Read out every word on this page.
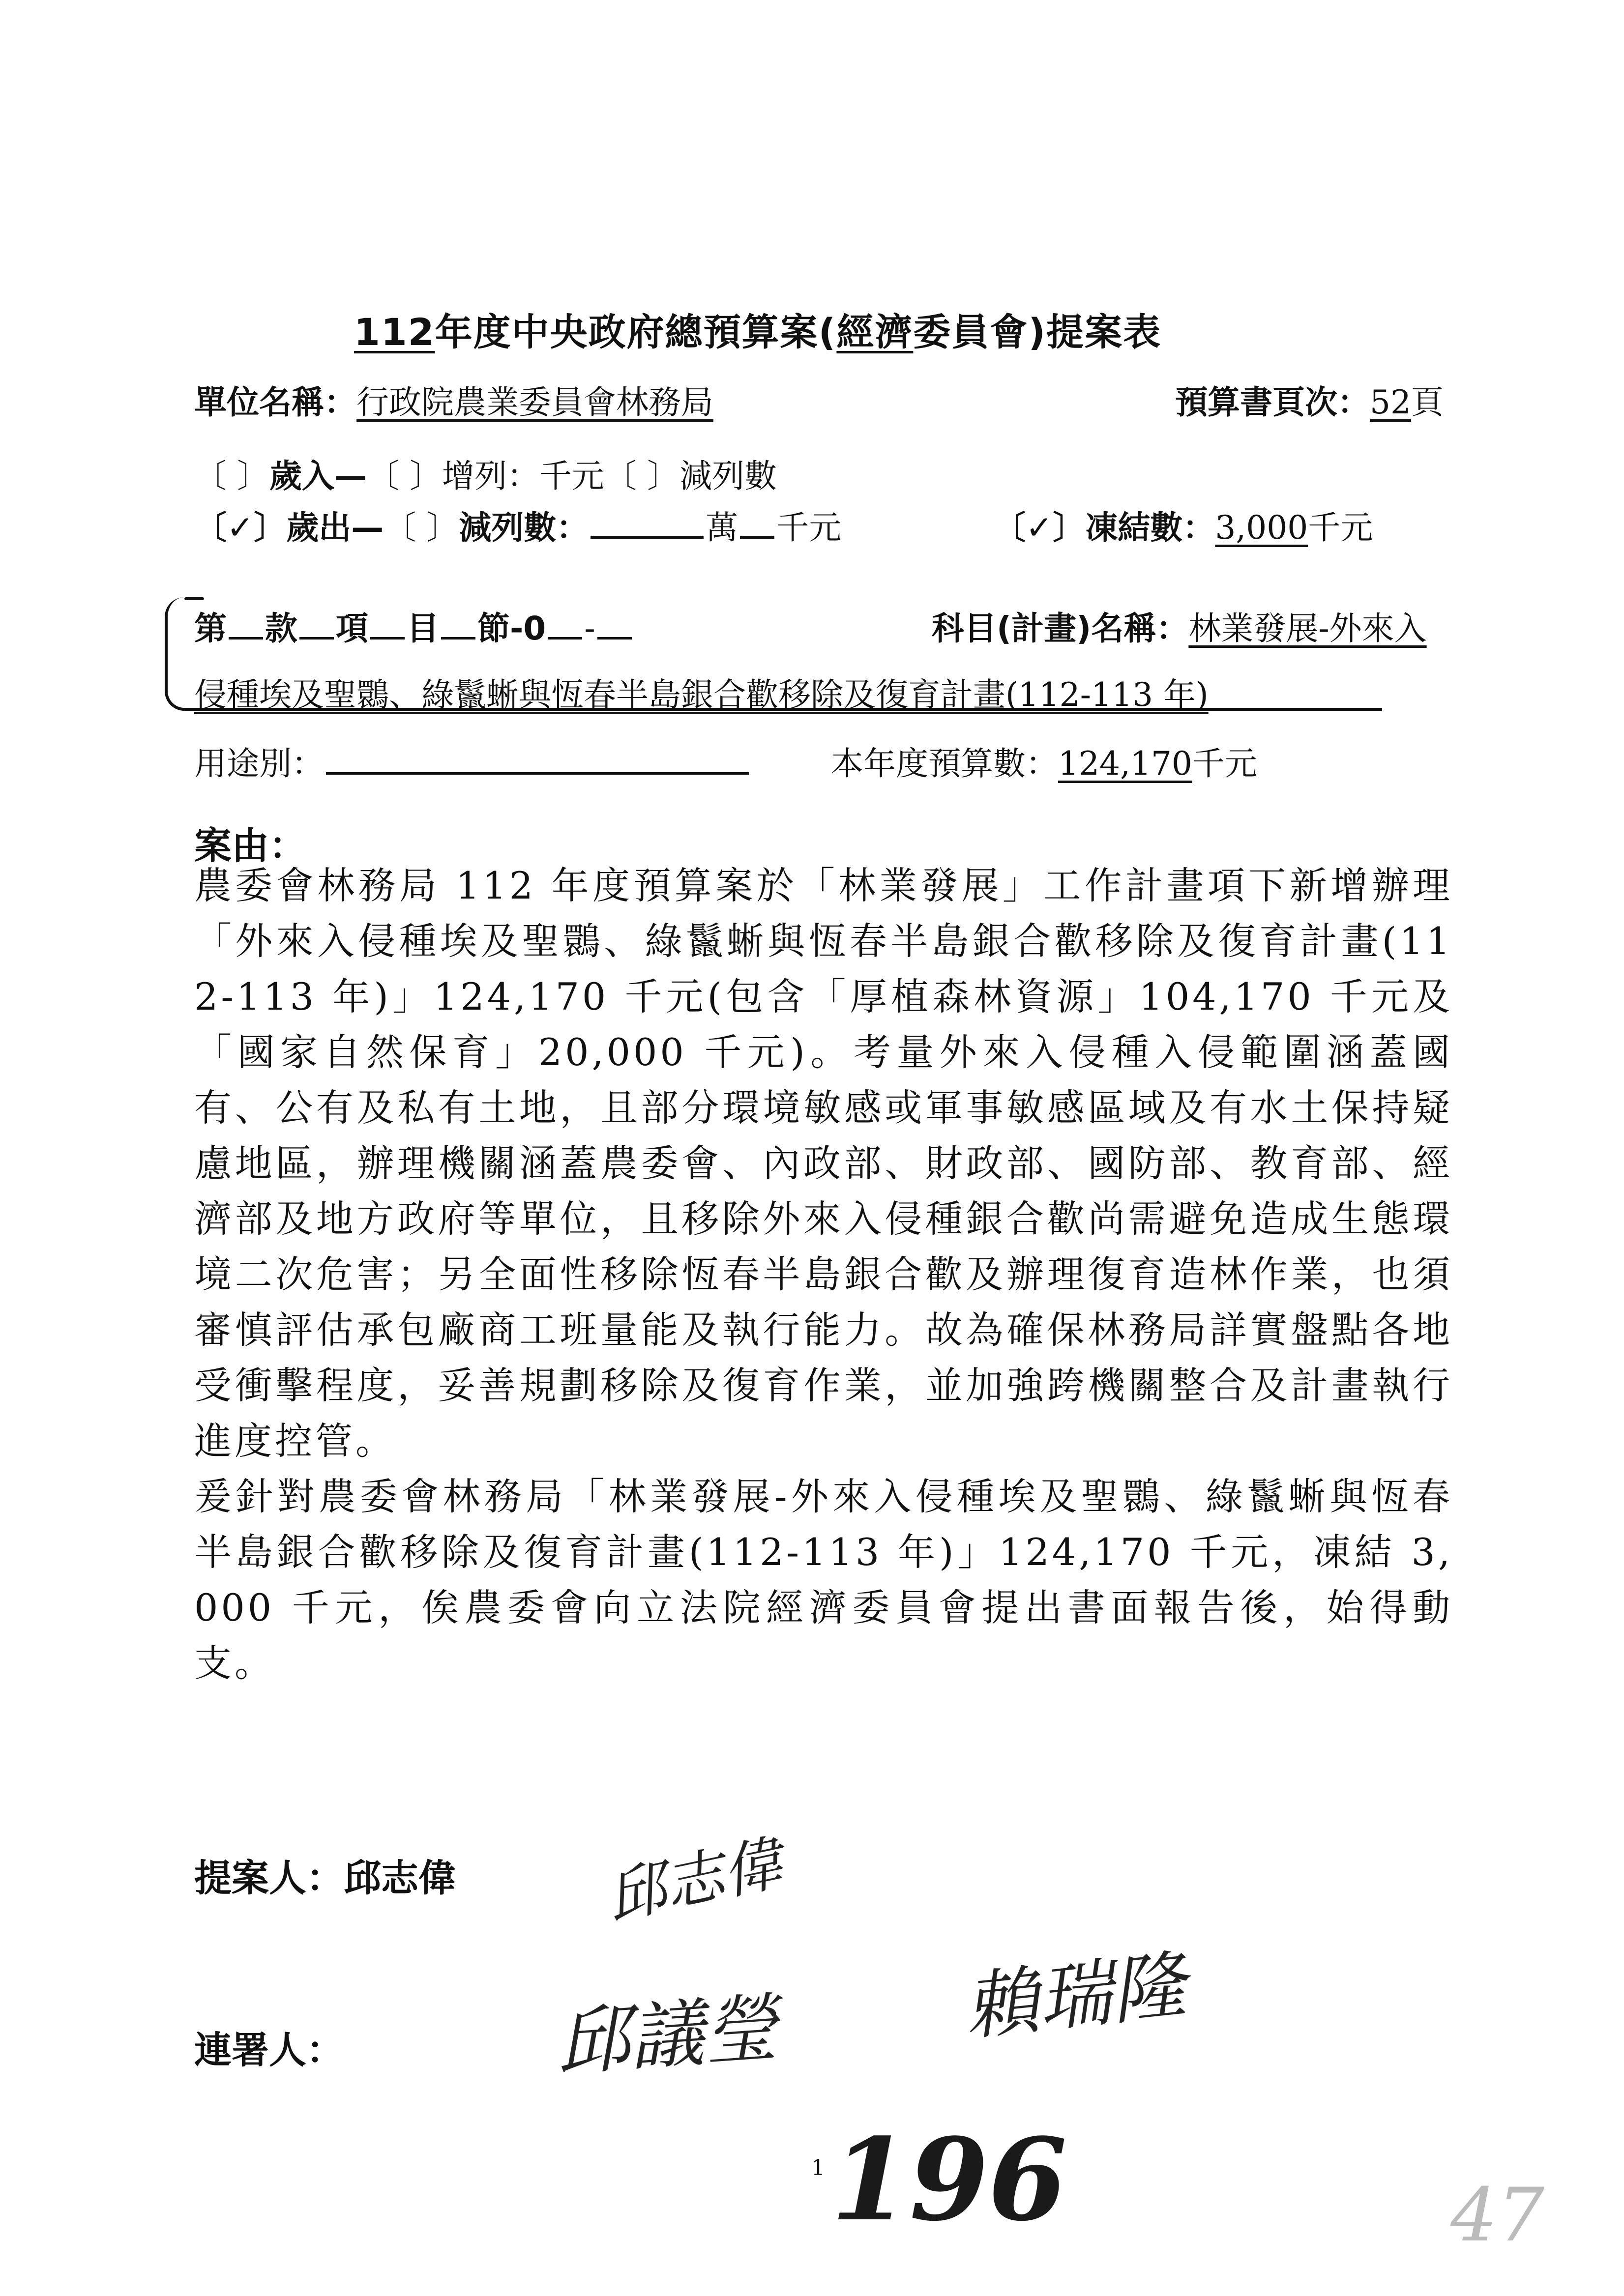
112年度中央政府總預算案(經濟委員會)提案表
單位名稱：行政院農業委員會林務局	預算書頁次：52頁
〔 〕歲入—〔 〕增列：千元〔 〕減列數
〔✓〕歲出—〔 〕減列數：	萬 千元	〔✓〕凍結數：3,000千元
第 款 項 目 節-0 -	科目(計畫)名稱：林業發展-外來入
侵種埃及聖䴉、綠鬣蜥與恆春半島銀合歡移除及復育計畫(112-113 年)
用途別：	本年度預算數：124,170千元
案由：

農委會林務局 112 年度預算案於「林業發展」工作計畫項下新增辦理「外來入侵種埃及聖䴉、綠鬣蜥與恆春半島銀合歡移除及復育計畫(112-113 年)」124,170 千元(包含「厚植森林資源」104,170 千元及「國家自然保育」20,000 千元)。考量外來入侵種入侵範圍涵蓋國有、公有及私有土地，且部分環境敏感或軍事敏感區域及有水土保持疑慮地區，辦理機關涵蓋農委會、內政部、財政部、國防部、教育部、經濟部及地方政府等單位，且移除外來入侵種銀合歡尚需避免造成生態環境二次危害；另全面性移除恆春半島銀合歡及辦理復育造林作業，也須審慎評估承包廠商工班量能及執行能力。故為確保林務局詳實盤點各地受衝擊程度，妥善規劃移除及復育作業，並加強跨機關整合及計畫執行進度控管。

爰針對農委會林務局「林業發展-外來入侵種埃及聖䴉、綠鬣蜥與恆春半島銀合歡移除及復育計畫(112-113 年)」124,170 千元，凍結 3,000 千元，俟農委會向立法院經濟委員會提出書面報告後，始得動支。

提案人：邱志偉 邱志偉
連署人：	邱議瑩 賴瑞隆
1 196	47
